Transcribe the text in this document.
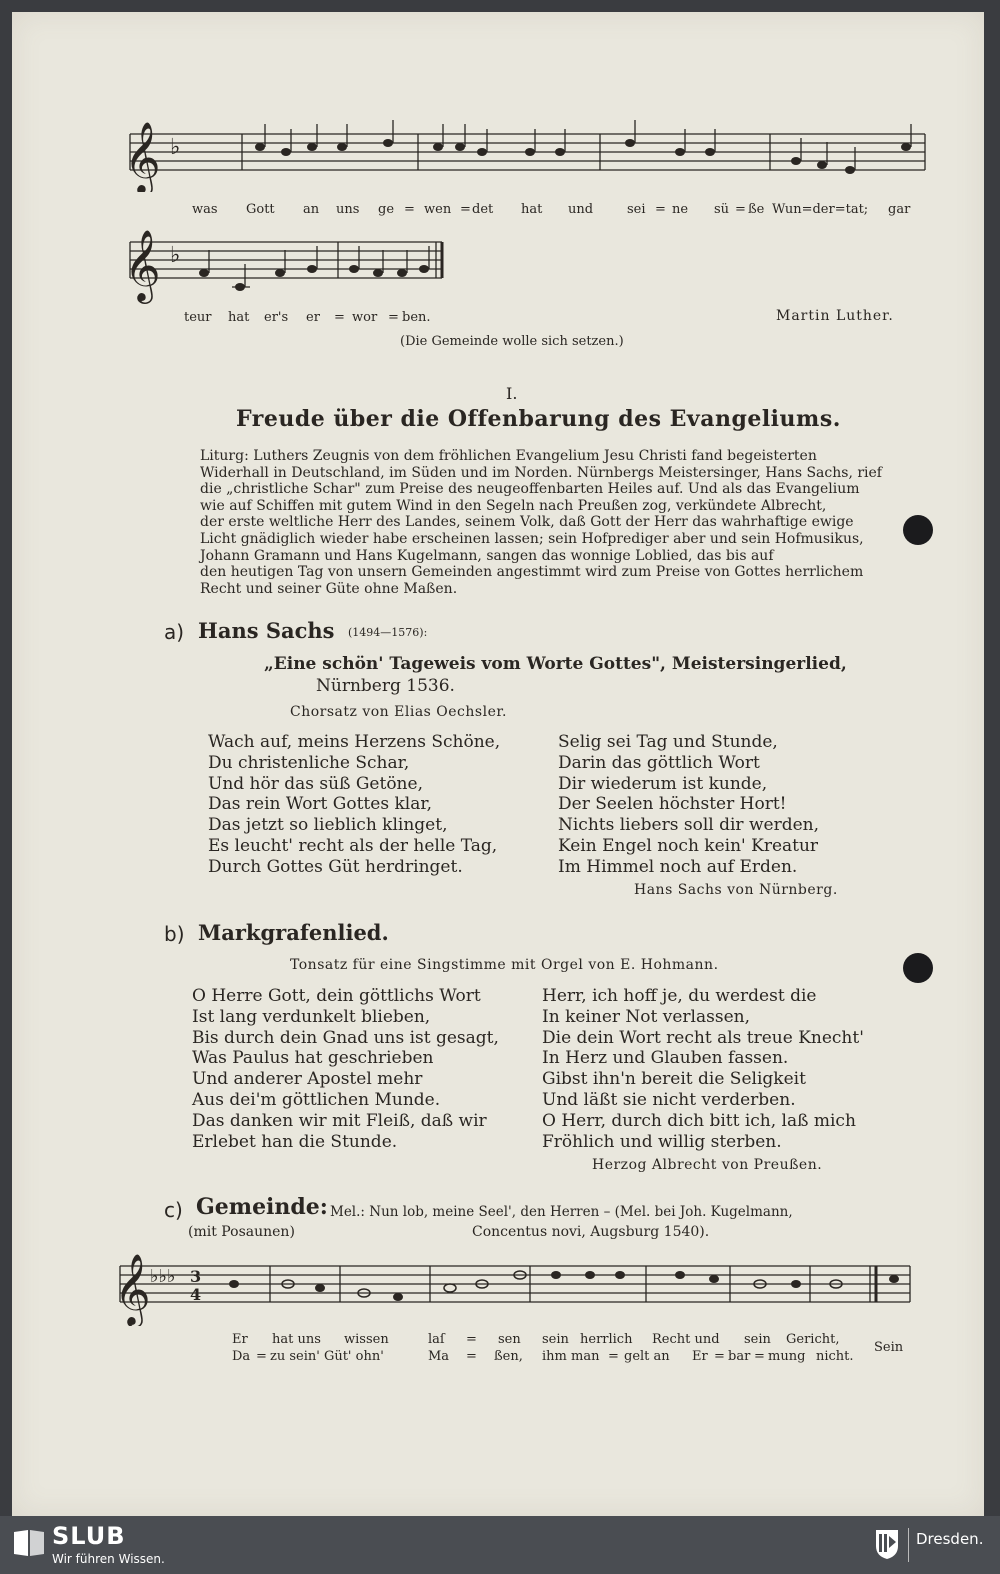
𝄞 ♭
was Gott an uns ge = wen = det hat und	sei = ne sü = ße Wun=der=tat; gar
𝄞 ♭
teur hat er's er = wor = ben.	Martin Luther.
(Die Gemeinde wolle sich setzen.)
I.
Freude über die Offenbarung des Evangeliums.
Liturg: Luthers Zeugnis von dem fröhlichen Evangelium Jesu Christi fand begeisterten
Widerhall in Deutschland, im Süden und im Norden. Nürnbergs Meistersinger, Hans Sachs, rief
die „christliche Schar" zum Preise des neugeoffenbarten Heiles auf. Und als das Evangelium
wie auf Schiffen mit gutem Wind in den Segeln nach Preußen zog, verkündete Albrecht,
der erste weltliche Herr des Landes, seinem Volk, daß Gott der Herr das wahrhaftige ewige
Licht gnädiglich wieder habe erscheinen lassen; sein Hofprediger aber und sein Hofmusikus,
Johann Gramann und Hans Kugelmann, sangen das wonnige Loblied, das bis auf
den heutigen Tag von unsern Gemeinden angestimmt wird zum Preise von Gottes herrlichem
Recht und seiner Güte ohne Maßen.
a) Hans Sachs (1494—1576):
„Eine schön' Tageweis vom Worte Gottes", Meistersingerlied,
Nürnberg 1536.
Chorsatz von Elias Oechsler.
Wach auf, meins Herzens Schöne,
Du christenliche Schar,
Und hör das süß Getöne,
Das rein Wort Gottes klar,
Das jetzt so lieblich klinget,
Es leucht' recht als der helle Tag,
Durch Gottes Güt herdringet.
Selig sei Tag und Stunde,
Darin das göttlich Wort
Dir wiederum ist kunde,
Der Seelen höchster Hort!
Nichts liebers soll dir werden,
Kein Engel noch kein' Kreatur
Im Himmel noch auf Erden.
Hans Sachs von Nürnberg.
b) Markgrafenlied.
Tonsatz für eine Singstimme mit Orgel von E. Hohmann.
O Herre Gott, dein göttlichs Wort
Ist lang verdunkelt blieben,
Bis durch dein Gnad uns ist gesagt,
Was Paulus hat geschrieben
Und anderer Apostel mehr
Aus dei'm göttlichen Munde.
Das danken wir mit Fleiß, daß wir
Erlebet han die Stunde.
Herr, ich hoff je, du werdest die
In keiner Not verlassen,
Die dein Wort recht als treue Knecht'
In Herz und Glauben fassen.
Gibst ihn'n bereit die Seligkeit
Und läßt sie nicht verderben.
O Herr, durch dich bitt ich, laß mich
Fröhlich und willig sterben.
Herzog Albrecht von Preußen.
c) Gemeinde: Mel.: Nun lob, meine Seel', den Herren – (Mel. bei Joh. Kugelmann,
(mit Posaunen)	Concentus novi, Augsburg 1540).
𝄞 ♭♭♭ 3
4
Er hat uns wissen	laſ = sen sein herrlich Recht und sein Gericht,
Da = zu sein' Güt' ohn'	Ma = ßen, ihm man = gelt an Er = bar = mung nicht.
Sein
SLUB
Wir führen Wissen.
Dresden.
